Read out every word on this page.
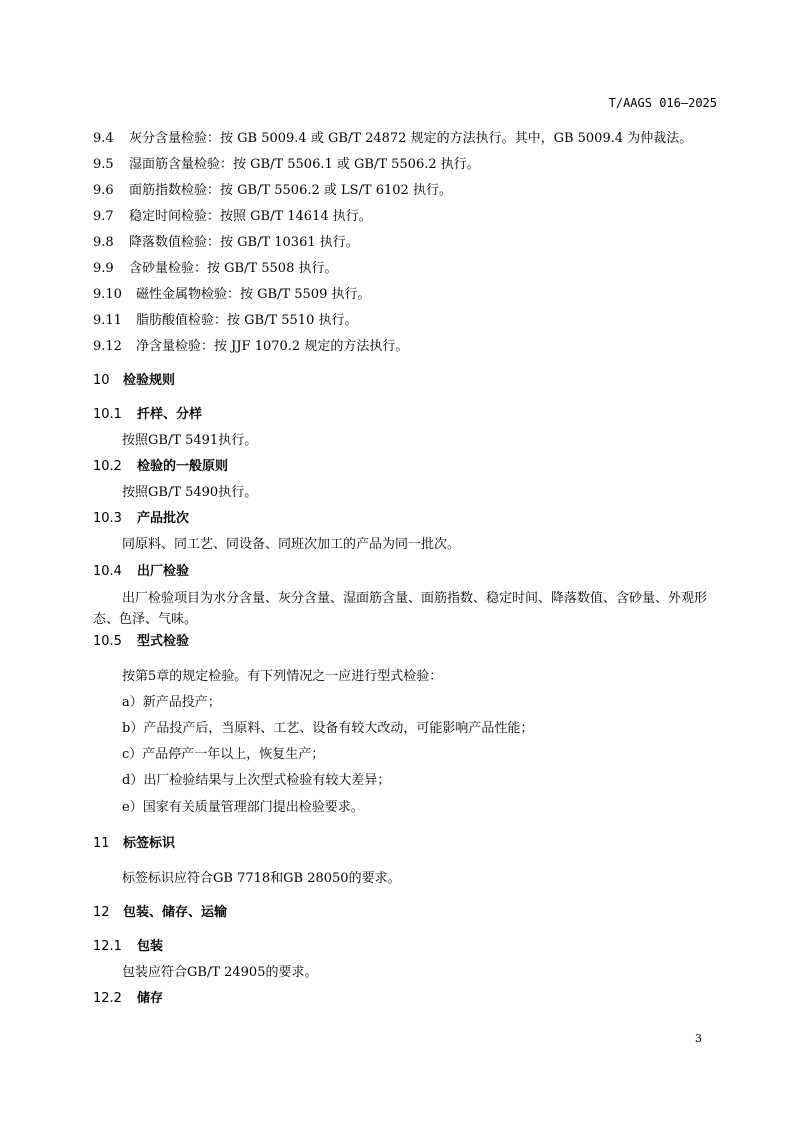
T/AAGS 016—2025
9.4 灰分含量检验：按 GB 5009.4 或 GB/T 24872 规定的方法执行。其中，GB 5009.4 为仲裁法。
9.5 湿面筋含量检验：按 GB/T 5506.1 或 GB/T 5506.2 执行。
9.6 面筋指数检验：按 GB/T 5506.2 或 LS/T 6102 执行。
9.7 稳定时间检验：按照 GB/T 14614 执行。
9.8 降落数值检验：按 GB/T 10361 执行。
9.9 含砂量检验：按 GB/T 5508 执行。
9.10 磁性金属物检验：按 GB/T 5509 执行。
9.11 脂肪酸值检验：按 GB/T 5510 执行。
9.12 净含量检验：按 JJF 1070.2 规定的方法执行。
10 检验规则
10.1 扦样、分样
按照GB/T 5491执行。
10.2 检验的一般原则
按照GB/T 5490执行。
10.3 产品批次
同原料、同工艺、同设备、同班次加工的产品为同一批次。
10.4 出厂检验
出厂检验项目为水分含量、灰分含量、湿面筋含量、面筋指数、稳定时间、降落数值、含砂量、外观形态、色泽、气味。
10.5 型式检验
按第5章的规定检验。有下列情况之一应进行型式检验：
a）新产品投产；
b）产品投产后，当原料、工艺、设备有较大改动，可能影响产品性能；
c）产品停产一年以上，恢复生产；
d）出厂检验结果与上次型式检验有较大差异；
e）国家有关质量管理部门提出检验要求。
11 标签标识
标签标识应符合GB 7718和GB 28050的要求。
12 包装、储存、运输
12.1 包装
包装应符合GB/T 24905的要求。
12.2 储存
3
